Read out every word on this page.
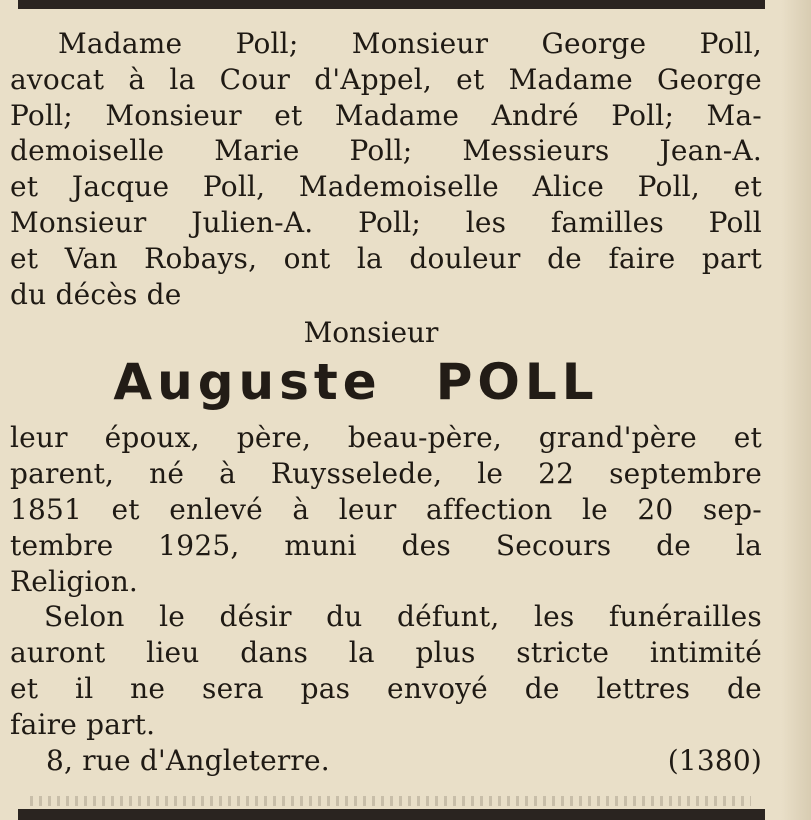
Madame Poll; Monsieur George Poll,
avocat à la Cour d'Appel, et Madame George
Poll; Monsieur et Madame André Poll; Ma-
demoiselle Marie Poll; Messieurs Jean-A.
et Jacque Poll, Mademoiselle Alice Poll, et
Monsieur Julien-A. Poll; les familles Poll
et Van Robays, ont la douleur de faire part
du décès de
Monsieur
Auguste POLL
leur époux, père, beau-père, grand'père et
parent, né à Ruysselede, le 22 septembre
1851 et enlevé à leur affection le 20 sep-
tembre 1925, muni des Secours de la
Religion.
Selon le désir du défunt, les funérailles
auront lieu dans la plus stricte intimité
et il ne sera pas envoyé de lettres de
faire part.
8, rue d'Angleterre.	(1380)
